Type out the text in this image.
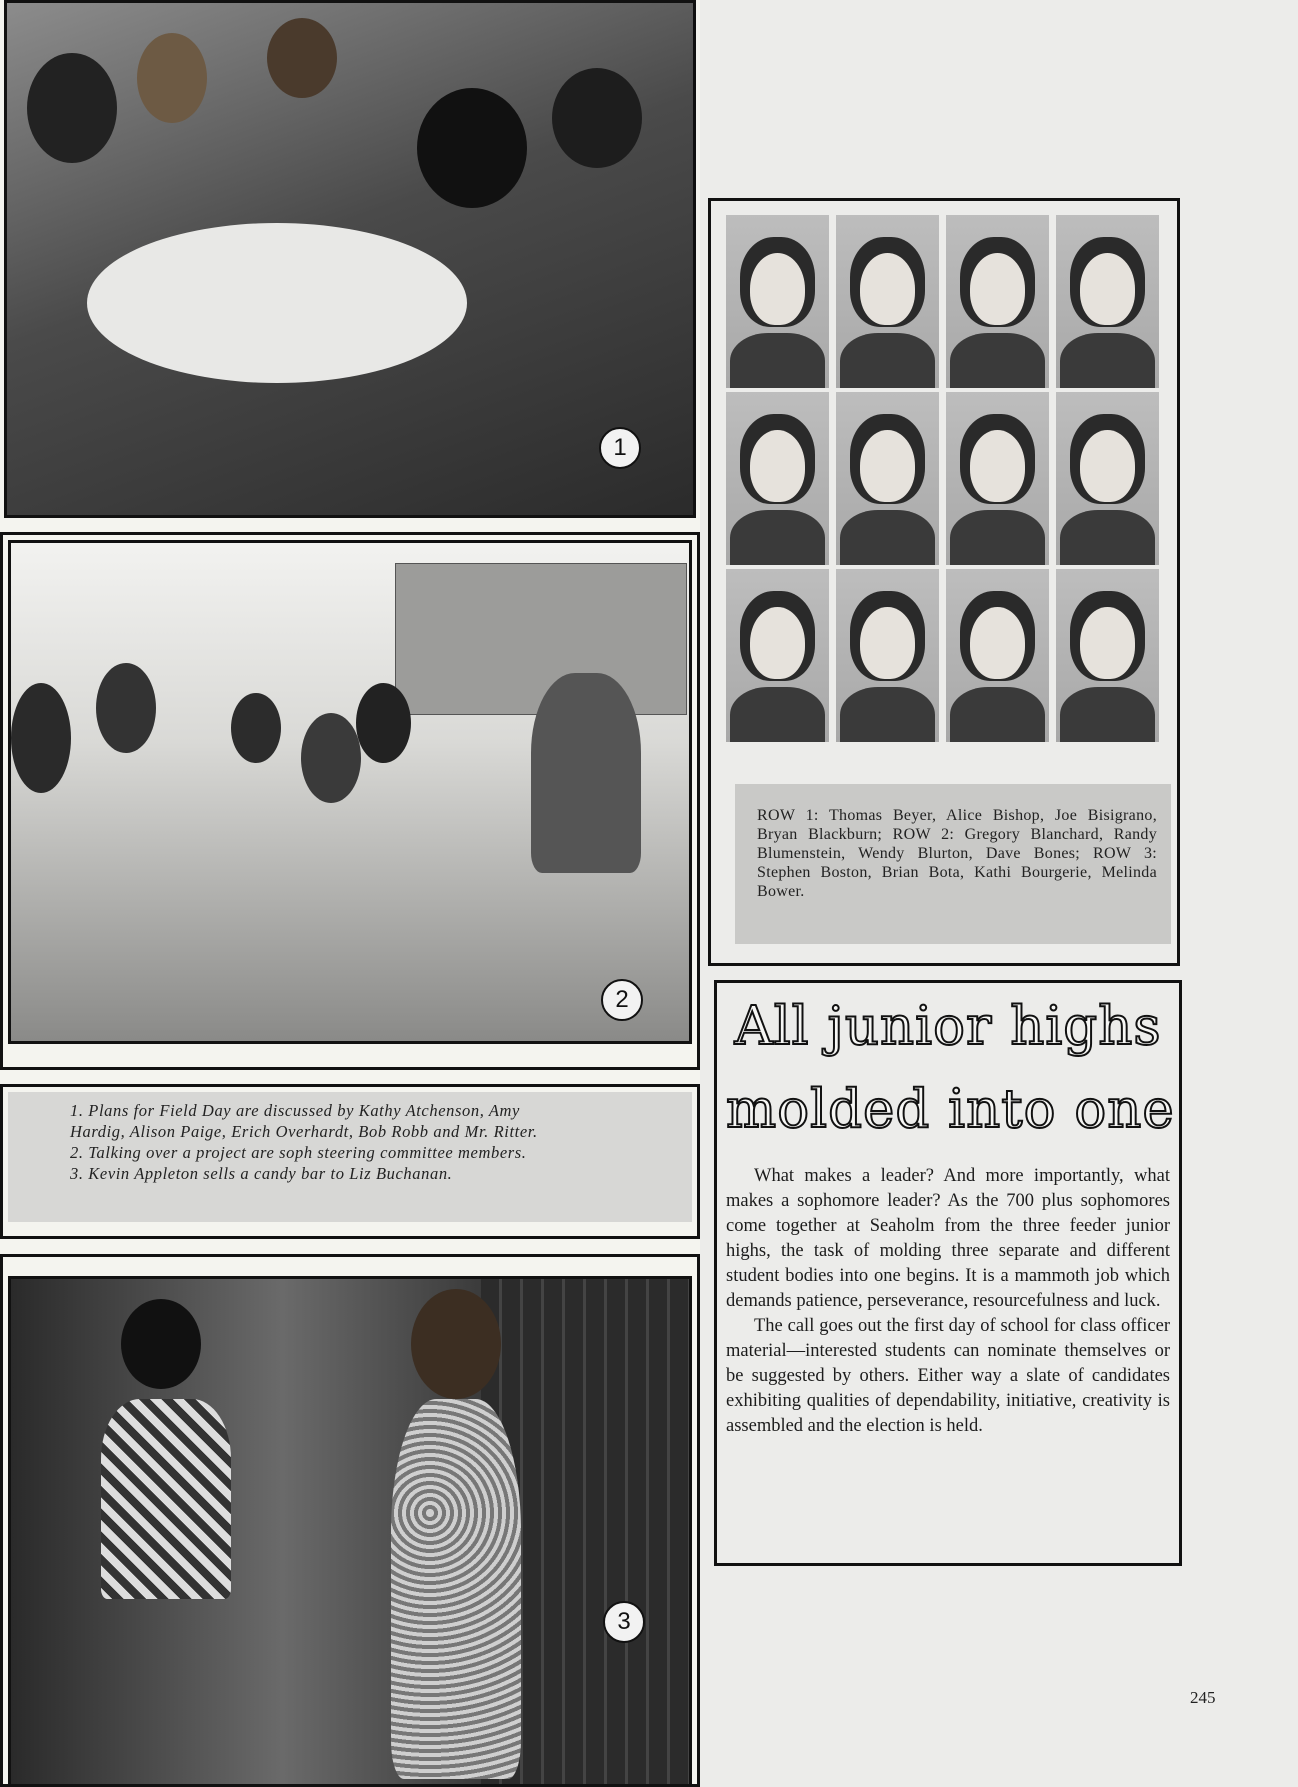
1
2
1. Plans for Field Day are discussed by Kathy Atchenson, Amy
Hardig, Alison Paige, Erich Overhardt, Bob Robb and Mr. Ritter.
2. Talking over a project are soph steering committee members.
3. Kevin Appleton sells a candy bar to Liz Buchanan.
3
ROW 1: Thomas Beyer, Alice Bishop, Joe Bisigrano, Bryan Blackburn; ROW 2: Gregory Blanchard, Randy Blumenstein, Wendy Blurton, Dave Bones; ROW 3: Stephen Boston, Brian Bota, Kathi Bourgerie, Melinda Bower.
All junior highs
molded into one

What makes a leader? And more importantly, what makes a sophomore leader? As the 700 plus sophomores come together at Seaholm from the three feeder junior highs, the task of molding three separate and different student bodies into one begins. It is a mammoth job which demands patience, perseverance, resourcefulness and luck.

The call goes out the first day of school for class officer material—interested students can nominate themselves or be suggested by others. Either way a slate of candidates exhibiting qualities of dependability, initiative, creativity is assembled and the election is held.

245
